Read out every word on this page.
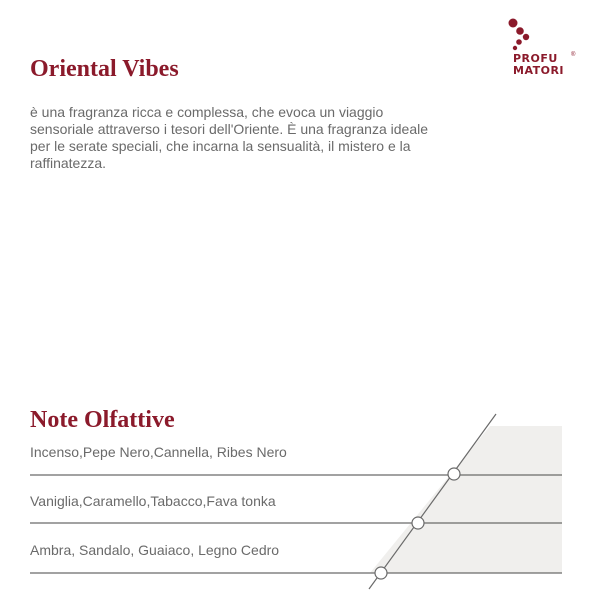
Oriental Vibes

è una fragranza ricca e complessa, che evoca un viaggio sensoriale attraverso i tesori dell'Oriente. È una fragranza ideale per le serate speciali, che incarna la sensualità, il mistero e la raffinatezza.

PROFU
MATORI
®
Note Olfattive
Incenso,Pepe Nero,Cannella, Ribes Nero
Vaniglia,Caramello,Tabacco,Fava tonka
Ambra, Sandalo, Guaiaco, Legno Cedro
